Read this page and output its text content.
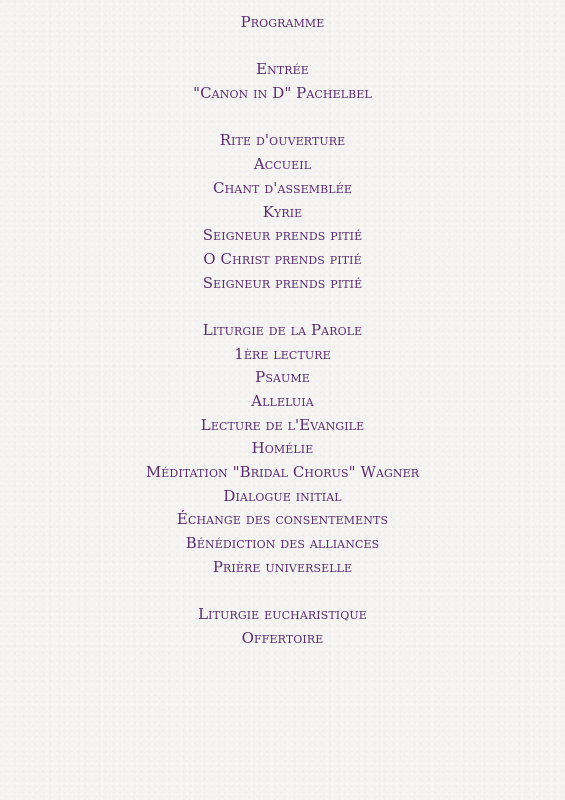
Programme
Entrée
"Canon in D" Pachelbel
Rite d'ouverture
Accueil
Chant d'assemblée
Kyrie
Seigneur prends pitié
O Christ prends pitié
Seigneur prends pitié
Liturgie de la Parole
1ère lecture
Psaume
Alleluia
Lecture de l'Evangile
Homélie
Méditation "Bridal Chorus" Wagner
Dialogue initial
Échange des consentements
Bénédiction des alliances
Prière universelle
Liturgie eucharistique
Offertoire
